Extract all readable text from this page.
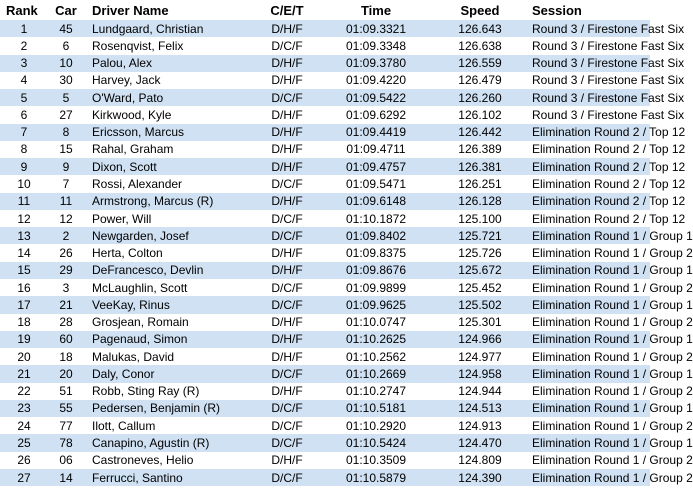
Rank	Car	Driver Name	C/E/T	Time	Speed	Session
1	45	Lundgaard, Christian	D/H/F	01:09.3321	126.643	Round 3 / Firestone Fast Six
2	6	Rosenqvist, Felix	D/C/F	01:09.3348	126.638	Round 3 / Firestone Fast Six
3	10	Palou, Alex	D/H/F	01:09.3780	126.559	Round 3 / Firestone Fast Six
4	30	Harvey, Jack	D/H/F	01:09.4220	126.479	Round 3 / Firestone Fast Six
5	5	O'Ward, Pato	D/C/F	01:09.5422	126.260	Round 3 / Firestone Fast Six
6	27	Kirkwood, Kyle	D/H/F	01:09.6292	126.102	Round 3 / Firestone Fast Six
7	8	Ericsson, Marcus	D/H/F	01:09.4419	126.442	Elimination Round 2 / Top 12
8	15	Rahal, Graham	D/H/F	01:09.4711	126.389	Elimination Round 2 / Top 12
9	9	Dixon, Scott	D/H/F	01:09.4757	126.381	Elimination Round 2 / Top 12
10	7	Rossi, Alexander	D/C/F	01:09.5471	126.251	Elimination Round 2 / Top 12
11	11	Armstrong, Marcus (R)	D/H/F	01:09.6148	126.128	Elimination Round 2 / Top 12
12	12	Power, Will	D/C/F	01:10.1872	125.100	Elimination Round 2 / Top 12
13	2	Newgarden, Josef	D/C/F	01:09.8402	125.721	Elimination Round 1 / Group 1
14	26	Herta, Colton	D/H/F	01:09.8375	125.726	Elimination Round 1 / Group 2
15	29	DeFrancesco, Devlin	D/H/F	01:09.8676	125.672	Elimination Round 1 / Group 1
16	3	McLaughlin, Scott	D/C/F	01:09.9899	125.452	Elimination Round 1 / Group 2
17	21	VeeKay, Rinus	D/C/F	01:09.9625	125.502	Elimination Round 1 / Group 1
18	28	Grosjean, Romain	D/H/F	01:10.0747	125.301	Elimination Round 1 / Group 2
19	60	Pagenaud, Simon	D/H/F	01:10.2625	124.966	Elimination Round 1 / Group 1
20	18	Malukas, David	D/H/F	01:10.2562	124.977	Elimination Round 1 / Group 2
21	20	Daly, Conor	D/C/F	01:10.2669	124.958	Elimination Round 1 / Group 1
22	51	Robb, Sting Ray (R)	D/H/F	01:10.2747	124.944	Elimination Round 1 / Group 2
23	55	Pedersen, Benjamin (R)	D/C/F	01:10.5181	124.513	Elimination Round 1 / Group 1
24	77	Ilott, Callum	D/C/F	01:10.2920	124.913	Elimination Round 1 / Group 2
25	78	Canapino, Agustin (R)	D/C/F	01:10.5424	124.470	Elimination Round 1 / Group 1
26	06	Castroneves, Helio	D/H/F	01:10.3509	124.809	Elimination Round 1 / Group 2
27	14	Ferrucci, Santino	D/C/F	01:10.5879	124.390	Elimination Round 1 / Group 2
